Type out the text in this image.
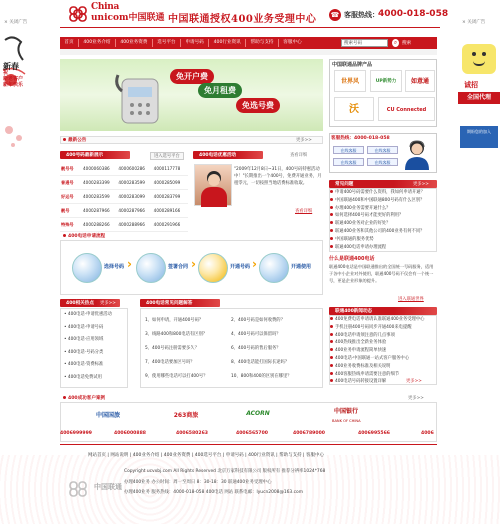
China
unicom中国联通 中国联通授权400业务受理中心 ☎ 客服热线： 4000-018-058
首页	400业务介绍	400业务资费	选号平台	申请号码	400行业资讯	帮助与支持	客服中心	搜索号码	⌕	搜索
× 关闭广告
新春
祝
新老客户
新年快乐
× 关闭广告
诚招
全国代理
期盼您的加入
免开户费
免月租费
免选号费
中国联通品牌产品
世界风	UP新势力	如意通
沃	CU Connected
最新公告	更多>>
400号码最新展示	进入选号平台
靓号号	4000060386	4000600286	4000117778
普通号	4000283399	4000283599	4000285099
好运号	4000283599	4000283099	4000283799
靓号	4000287966	4000287966	4000289166
特殊号	4000288266	4000288966	4000291966
400电话优惠活动	查看详细
"2009年12月8日~31日，400号码特惠活动中！"长期推出一个400号，免费开通业务，月租零元，一切按照当地话费标准收取。
查看详细
客服热线：4000-018-058
在线客服	在线客服
在线客服	在线客服
常见问题	更多>>
申请400号码需要什么资料，我如何申请开通？
中国联通400和中国联通800号码有什么区别？
办理400业务需要开通什么？
如何选择400号码才能更好的利用？
联通400业务对企业的好处？
联通400业务和其他公司的400业务有何不同？
中国联通的服务优势
联通400电话申请办理流程
400电话申请流程
选择号码 ›	签署合同 ›	开通号码 ›	开通使用
什么是联通400电话
联通400电话是中国联通推出的全国统一号码服务，适用于各中小企业对外使用，联通400号码不仅会有一个统一号，更是企业形象的提升。
进入联通世界
400相关热点 更多>>
• 400电话·申请优惠活动
• 400电话·申请号码
• 400电话·应用领域
• 400电话·号码分类
• 400电话·资费标准
• 400电话免费试用
400电话常见问题解答
1、如何申请，开通400号码？	2、400号码是如何收费的？
3、线路400和800电话有区别？	4、400号码可以保留吗？
5、400号码注册需要多久？	6、400号码的售后服务？
7、400电话要加区号吗？	8、400电话能打国际长途吗？
9、使用哪些电话可以打400号？	10、800和400的区别在哪里？
联通400新闻动态
400免费电话申请请认准联通400业务受理中心
手机注册400号码同步开通400来电提醒
400电话申请须注意的几点事项
400热线推出全新业务体验
400业务申请流程简单快速
400电话·中国联通一站式客户服务中心
400业务收费标准及相关说明
400客服热线申请需要注意的细节
400电话号码转接设置详解	更多>>
400成功客户案例	更多>>
中国国旅	263商旅	ACORN	中国银行
BANK OF CHINA
4006999999	4006000888	4006580263	4006565700	4006789000	4006995566	4006
网站首页 | 网站说明 | 400业务介绍 | 400业务资费 | 400选号平台 | 申请号码 | 400行业资讯 | 帮助与支持 | 客服中心
中国联通
Copyright ucvxbj.com All Rights Reserved 北京万家科技有限公司 版权所有 推荐分辨率1024*768
办理400业务 办公时间：周一至周日 8：30-18：30 联通400业务受理中心
办理400业务 服务热线：4000-018-058 400电话 网站 联系电邮：lyucn2008@163.com
